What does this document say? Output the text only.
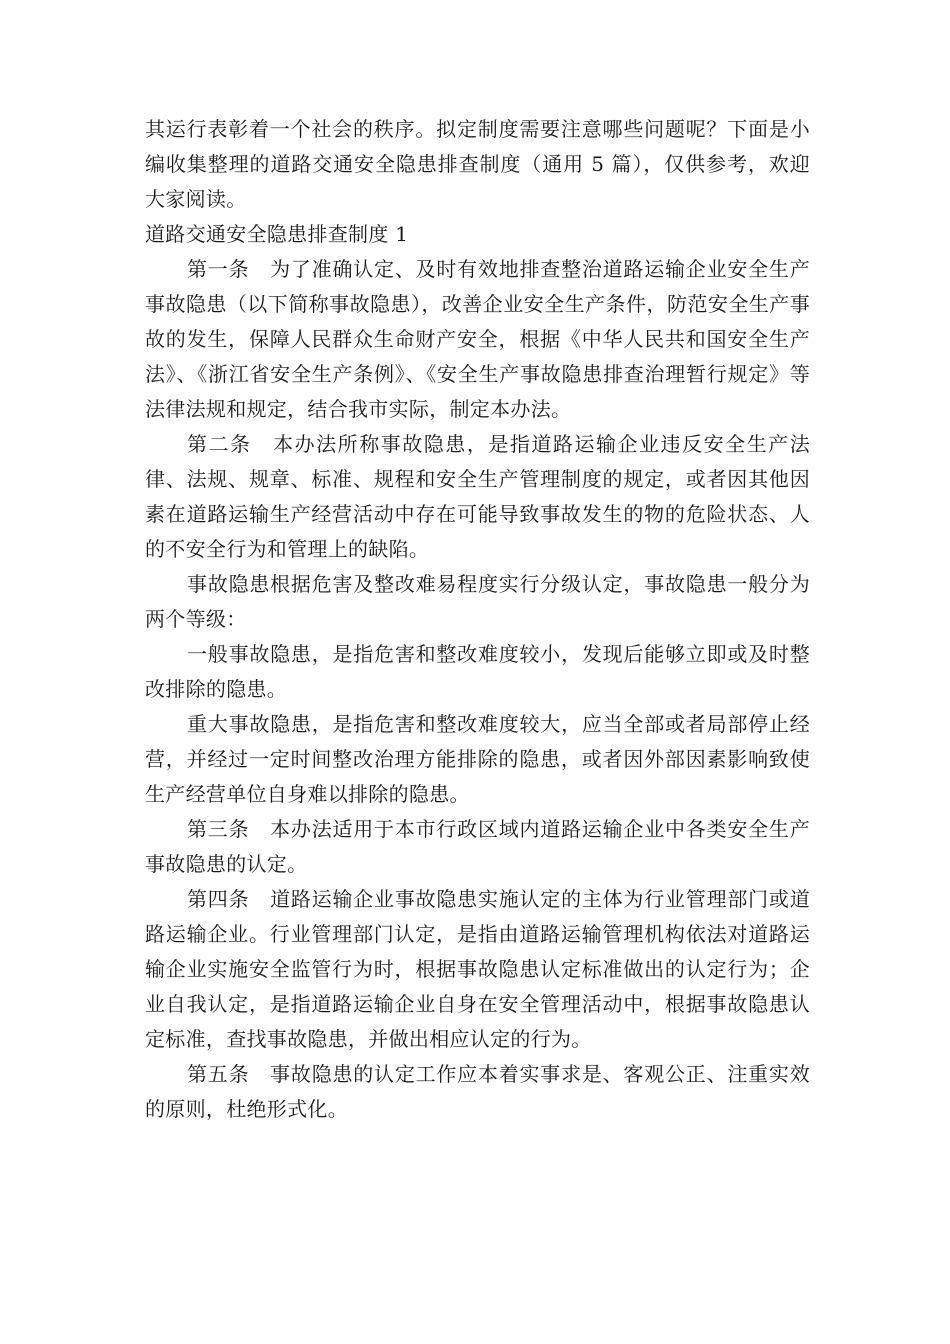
其运行表彰着一个社会的秩序。拟定制度需要注意哪些问题呢？下面是小编收集整理的道路交通安全隐患排查制度（通用 5 篇），仅供参考，欢迎大家阅读。

道路交通安全隐患排查制度 1

第一条　为了准确认定、及时有效地排查整治道路运输企业安全生产事故隐患（以下简称事故隐患），改善企业安全生产条件，防范安全生产事故的发生，保障人民群众生命财产安全，根据《中华人民共和国安全生产法》、《浙江省安全生产条例》、《安全生产事故隐患排查治理暂行规定》等法律法规和规定，结合我市实际，制定本办法。

第二条　本办法所称事故隐患，是指道路运输企业违反安全生产法律、法规、规章、标准、规程和安全生产管理制度的规定，或者因其他因素在道路运输生产经营活动中存在可能导致事故发生的物的危险状态、人的不安全行为和管理上的缺陷。

事故隐患根据危害及整改难易程度实行分级认定，事故隐患一般分为两个等级：

一般事故隐患，是指危害和整改难度较小，发现后能够立即或及时整改排除的隐患。

重大事故隐患，是指危害和整改难度较大，应当全部或者局部停止经营，并经过一定时间整改治理方能排除的隐患，或者因外部因素影响致使生产经营单位自身难以排除的隐患。

第三条　本办法适用于本市行政区域内道路运输企业中各类安全生产事故隐患的认定。

第四条　道路运输企业事故隐患实施认定的主体为行业管理部门或道路运输企业。行业管理部门认定，是指由道路运输管理机构依法对道路运输企业实施安全监管行为时，根据事故隐患认定标准做出的认定行为；企业自我认定，是指道路运输企业自身在安全管理活动中，根据事故隐患认定标准，查找事故隐患，并做出相应认定的行为。

第五条　事故隐患的认定工作应本着实事求是、客观公正、注重实效的原则，杜绝形式化。
